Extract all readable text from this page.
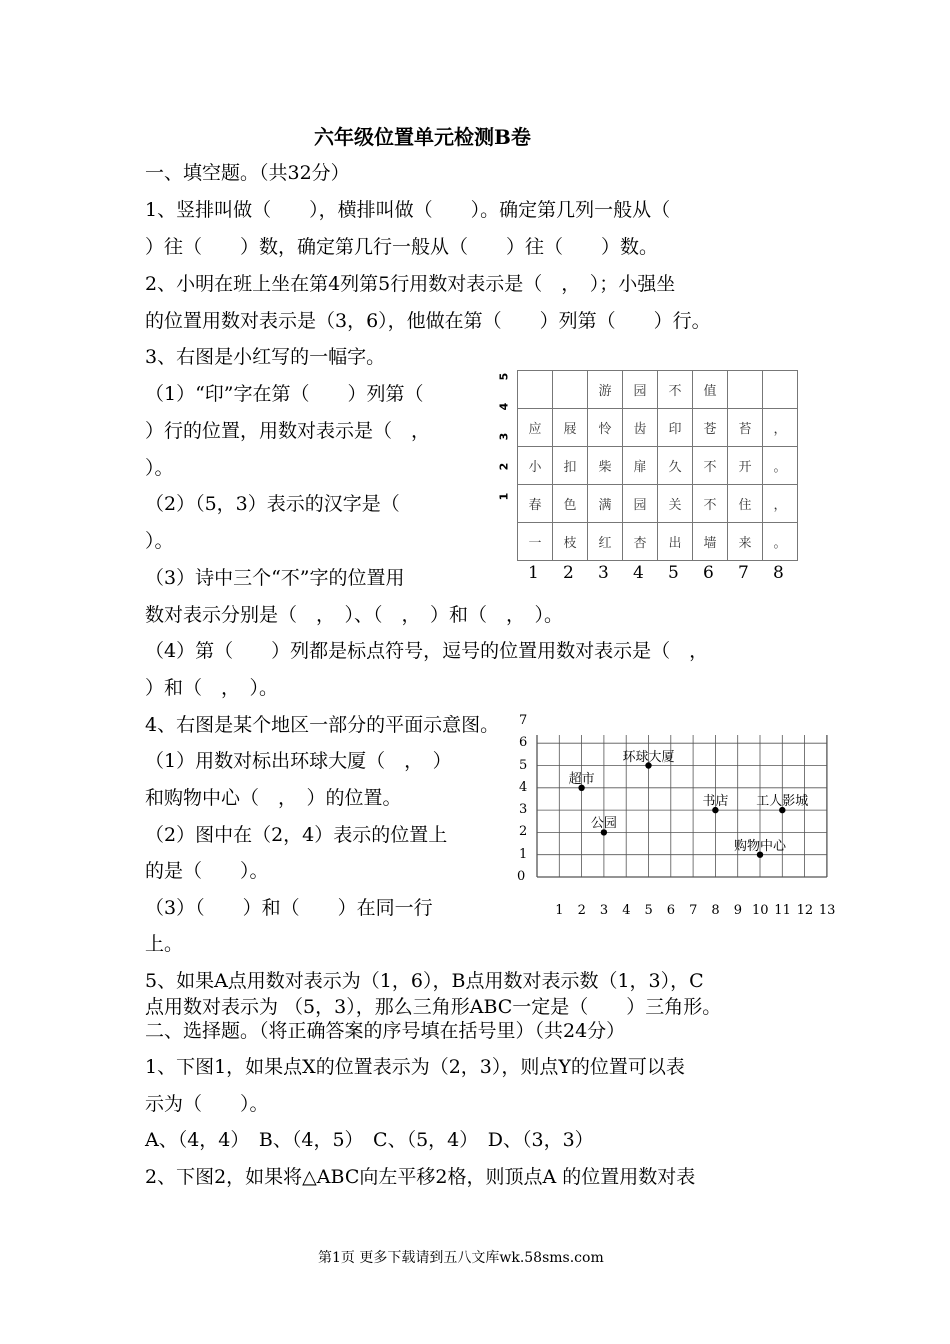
六年级位置单元检测B卷
一、填空题。（共32分）
1、竖排叫做（　　），横排叫做（　　）。确定第几列一般从（
）往（　　）数，确定第几行一般从（　　）往（　　）数。
2、小明在班上坐在第4列第5行用数对表示是（　，　）；小强坐
的位置用数对表示是（3，6），他做在第（　　）列第（　　）行。
3、右图是小红写的一幅字。
（1）“印”字在第（　　）列第（
）行的位置，用数对表示是（　，
）。
（2）（5，3）表示的汉字是（
）。
（3）诗中三个“不”字的位置用
数对表示分别是（　，　）、（　，　）和（　，　）。
（4）第（　　）列都是标点符号，逗号的位置用数对表示是（　，
）和（　，　）。
4、右图是某个地区一部分的平面示意图。
（1）用数对标出环球大厦（　，　）
和购物中心（　，　）的位置。
（2）图中在（2，4）表示的位置上
的是（　　）。
（3）（　　）和（　　）在同一行
上。
5、如果A点用数对表示为（1，6），B点用数对表示数（1，3），C
点用数对表示为 （5，3），那么三角形ABC一定是（　　）三角形。
二、选择题。（将正确答案的序号填在括号里）（共24分）
1、下图1，如果点X的位置表示为（2，3），则点Y的位置可以表
示为（　　）。
A、（4，4）　B、（4，5）　C、（5，4）　D、（3，3）
2、下图2，如果将△ABC向左平移2格，则顶点A 的位置用数对表
5
4
3
2
1
		游	园	不	值		
应	屐	怜	齿	印	苍	苔	，
小	扣	柴	扉	久	不	开	。
春	色	满	园	关	不	住	，
一	枝	红	杏	出	墙	来	。
1 2 3 4 5 6 7 8
0
1 2 3 4 5 6 7 8 9 10 11 12 13
1
2
3
4
5
6
7
超市
环球大厦
公园
书店 工人影城
购物中心
第1页 更多下载请到五八文库wk.58sms.com
